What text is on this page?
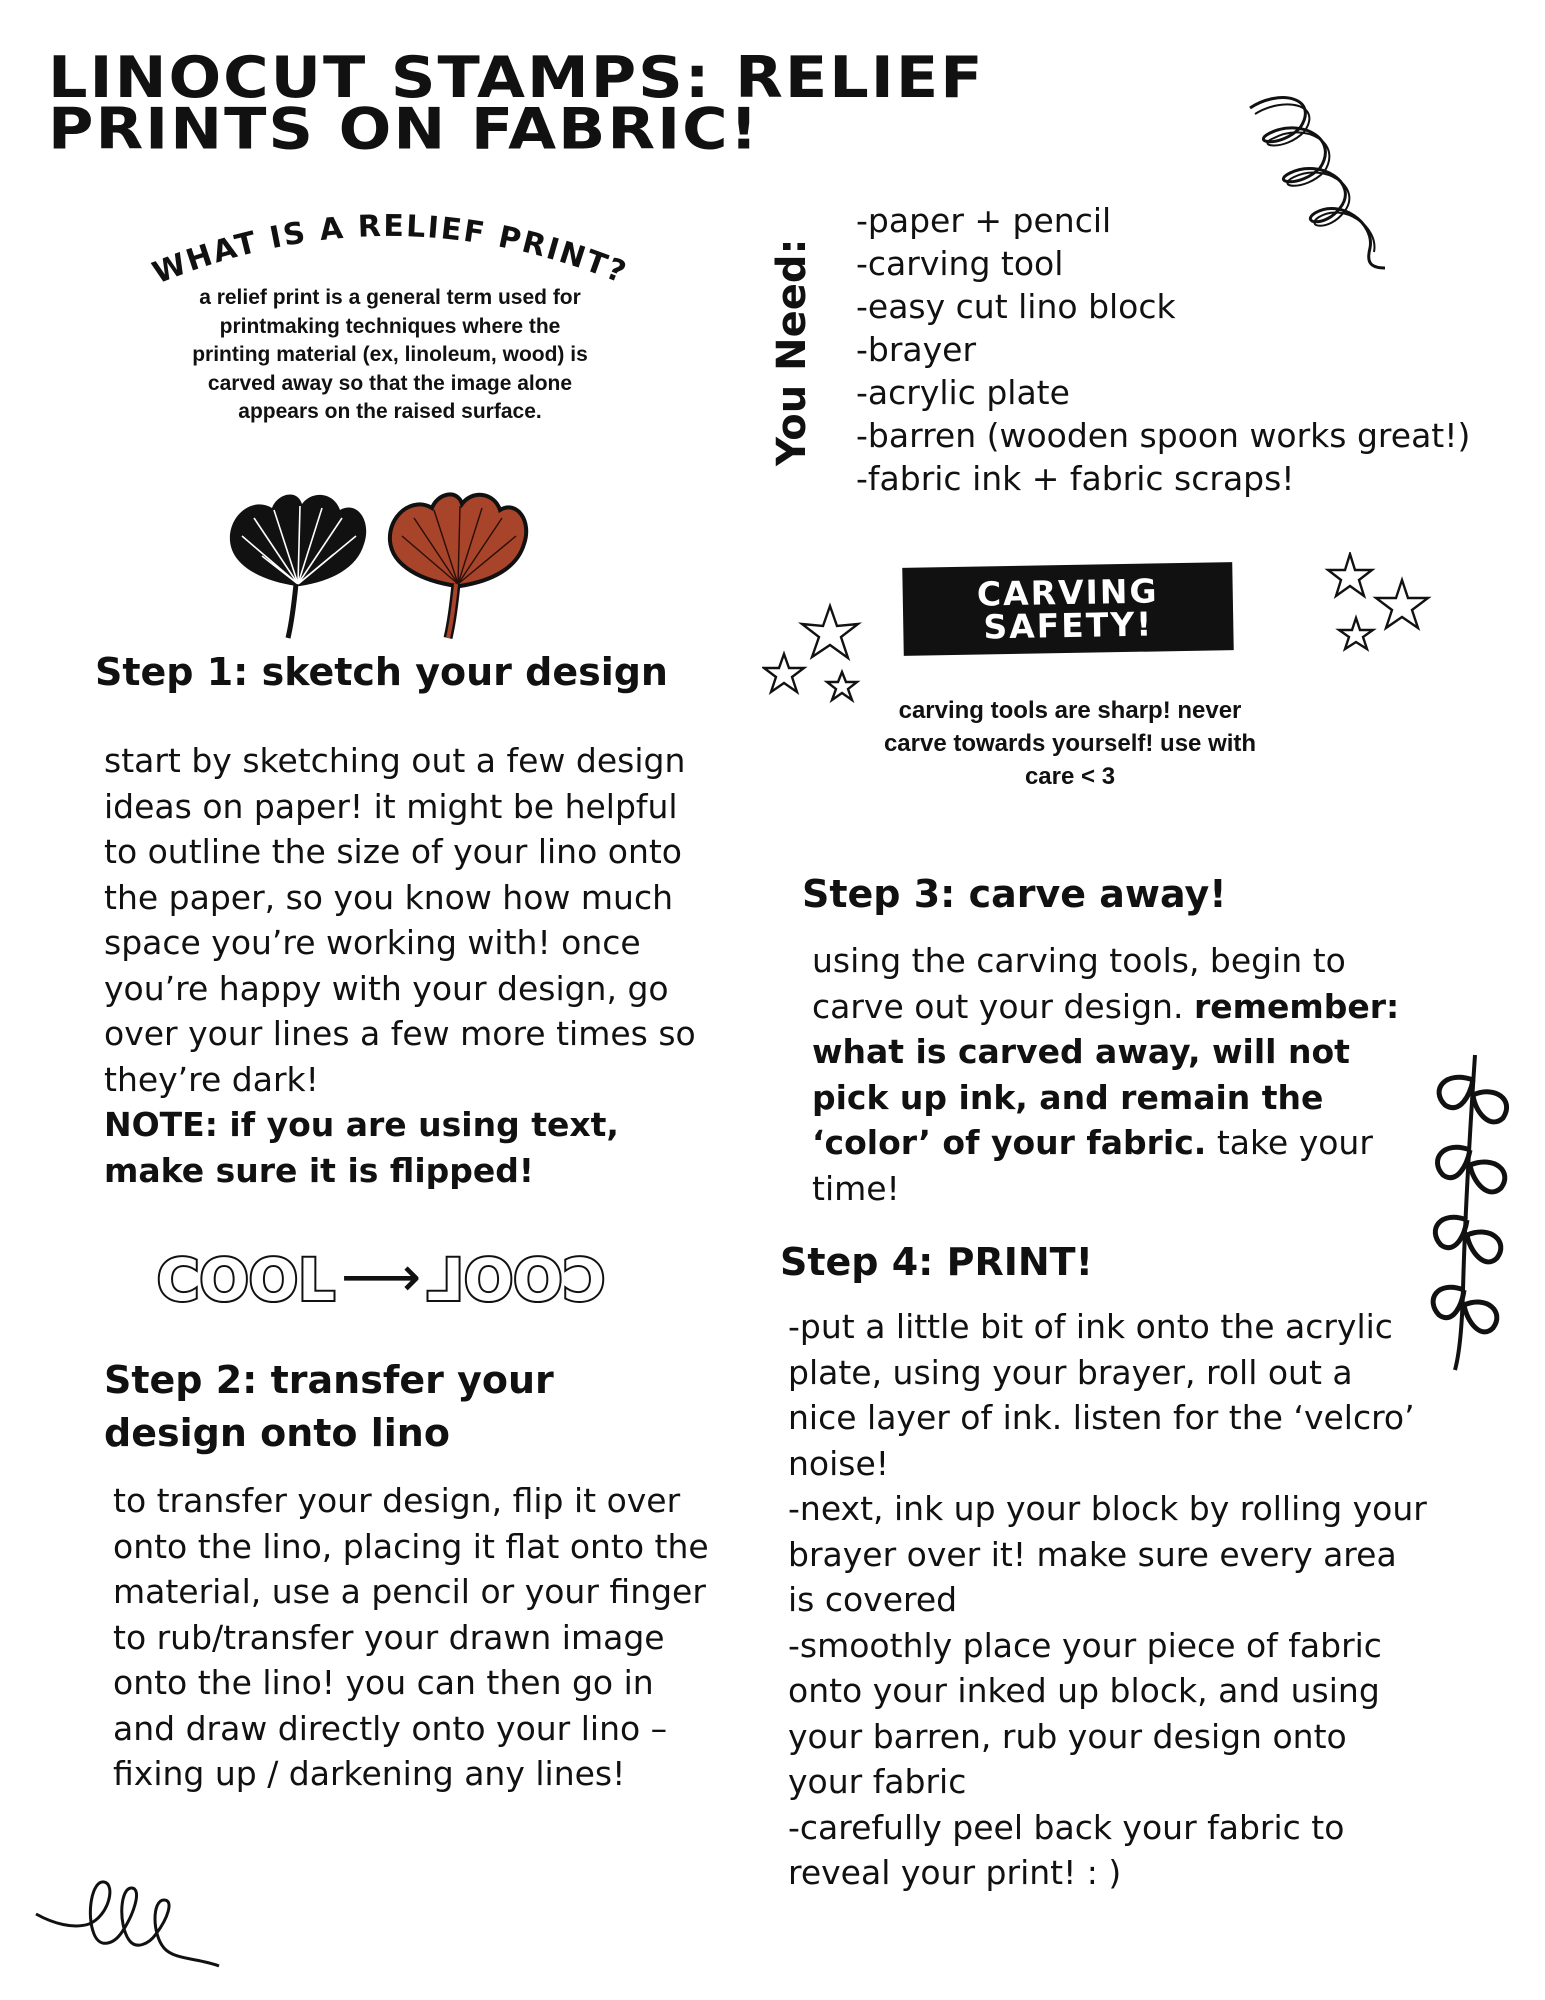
LINOCUT STAMPS: RELIEF
PRINTS ON FABRIC!
WHAT IS A RELIEF PRINT?
a relief print is a general term used for printmaking techniques where the printing material (ex, linoleum, wood) is carved away so that the image alone appears on the raised surface.	You Need:
-paper + pencil
-carving tool
-easy cut lino block
-brayer
-acrylic plate
-barren (wooden spoon works great!)
-fabric ink + fabric scraps!
CARVING
SAFETY!
carving tools are sharp! never carve towards yourself! use with care < 3
Step 1: sketch your design
start by sketching out a few design ideas on paper! it might be helpful to outline the size of your lino onto the paper, so you know how much space you’re working with! once you’re happy with your design, go over your lines a few more times so they’re dark!
NOTE: if you are using text, make sure it is flipped!
COOL ⟶ COOL
Step 2: transfer your
design onto lino
to transfer your design, flip it over onto the lino, placing it flat onto the material, use a pencil or your finger to rub/transfer your drawn image onto the lino! you can then go in and draw directly onto your lino – fixing up / darkening any lines!
Step 3: carve away!
using the carving tools, begin to carve out your design. remember: what is carved away, will not pick up ink, and remain the ‘color’ of your fabric. take your time!
Step 4: PRINT!
-put a little bit of ink onto the acrylic plate, using your brayer, roll out a nice layer of ink. listen for the ‘velcro’ noise!
-next, ink up your block by rolling your brayer over it! make sure every area is covered
-smoothly place your piece of fabric onto your inked up block, and using your barren, rub your design onto your fabric
-carefully peel back your fabric to reveal your print! : )
